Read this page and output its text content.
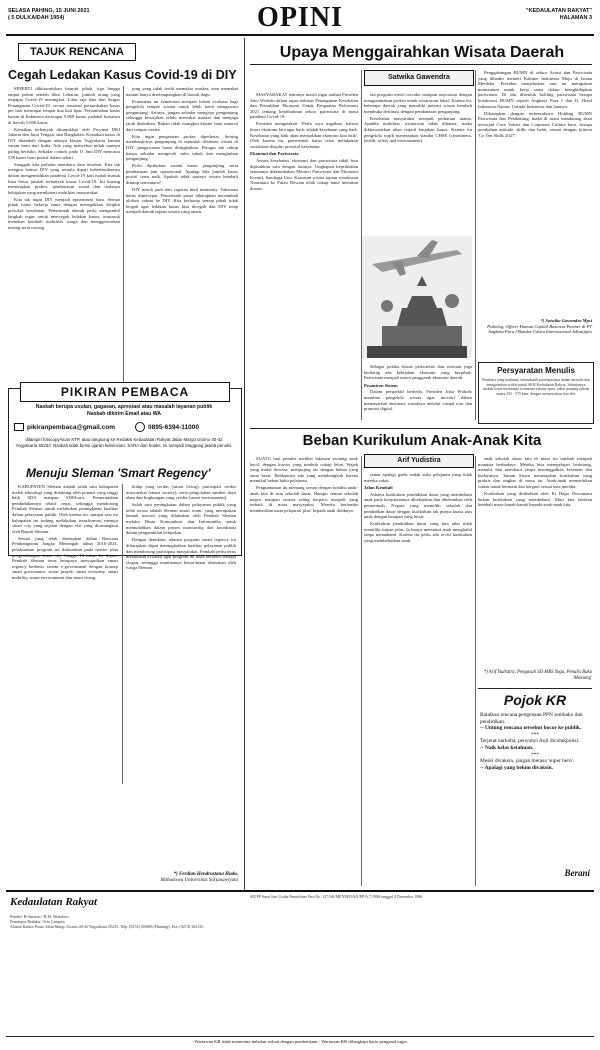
SELASA PAHING, 15 JUNI 2021
( 5 DULKAIDAH 1954)	OPINI	"KEDAULATAN RAKYAT"
HALAMAN 3
TAJUK RENCANA
Cegah Ledakan Kasus Covid-19 di DIY

SEPERTI dikhawatirkan banyak pihak, tiga hingga empat pekan setelah libur Lebaran, jumlah orang yang terpapar Covid-19 meningkat. Lihat saja data dari Satgas Penanganan Covid-19, secara nasional pertambahan kasus per hari mencapai tempat dua kali lipat. Pertambahan kasus harian di Indonesia mencapai 9.868 kasus, padahal biasanya di bawah 5.000 kasus.

Kenaikan terbanyak ditunjukkan oleh Provinsi DKI Jakarta dan Jawa Tengah, dan Bangkalan. Kenaikan kasus di DIY ditambah dengan adanya klaster Yogyakarta karena varian baru dari India. Ada yang menyebut inilah saatnya paling berisiko. Sekadar contoh, pada 11 Juni DIY mencatat 538 kasus baru positif dalam sehari.

Sungguh kita prihatin membaca data tersebut. Kita tak mengira bahwa DIY yang semula dipuji keberhasilannya dalam mengendalikan pandemi Covid-19 kini malah masuk lima besar jumlah terbanyak kasus Covid-19. Ini kurang menerapkan prokes, pembatasan sosial dan tiadanya kebijakan yang membatasi mobilitas masyarakat.

Kita tak ingin DIY menjadi episentrum baru. Semua pihak harus bekerja sama dengan menegakkan disiplin protokol kesehatan. Pemerintah daerah perlu mengambil langkah tegas untuk mencegah ledakan kasus, termasuk menekan kembali mobilitas warga dan menggencarkan testing serta tracing.

jung yang tidak tertib memakai masker, atau memakai namun hanya diselempangkan di bawah dagu.

Fenomena ini sementara menjadi bahan evaluasi bagi pengelola tempat wisata untuk lebih ketat mengawasi pengunjung. Artinya, jangan sekadar mengejar pengunjung sehingga kewajiban selalu memakai masker dan menjaga jarak diabaikan. Bukan tidak mungkin klaster baru muncul dari tempat wisata.

Kita ingin pengetatan prokes diperketat. Seiring membanjirnya pengunjung di sejumlah destinasi wisata di DIY, pengawasan harus ditingkatkan. Petugas tak cukup hanya sekadar mengecek suhu tubuh dan mengimbau pengunjung.

Perlu dipikirkan sistem kuota pengunjung serta pembatasan jam operasional. Apalagi bila jumlah kasus positif terus naik. Apakah tidak saatnya wisata kembali ditutup sementara?

DIY masih jauh dari capaian herd immunity. Vaksinasi harus dipercepat. Pemerintah pusat diharapkan menambah alokasi vaksin ke DIY. Kita berharap semua pihak tidak lengah agar ledakan kasus bisa dicegah dan DIY tetap menjadi daerah tujuan wisata yang aman.

PIKIRAN PEMBACA
Naskah berupa usulan, gagasan, apresiasi atau masalah layanan publik
Naskah dikirim Email atau WA
pikiranpembaca@gmail.com	0895-6394-11000
dilampiri fotocopy/scan KTP, atau langsung ke Redaksi Kedaulatan Rakyat Jalan Margo Utomo 40-42 Yogyakarta 55233. Naskah tidak berisi ujaran kebencian, SARA dan hoaks. Isi menjadi tanggung jawab penulis.
Menuju Sleman 'Smart Regency'

KABUPATEN Sleman adalah salah satu kabupaten melek teknologi yang didukung oleh potensi yang tinggi baik SDA maupun SDM-nya. Pemerintahan pendudukannya relatif cepat, sehingga mendorong Pemkab Sleman untuk melakukan peningkatan kualitas dalam pelayanan publik. Oleh karena itu, sampai saat ini kabupaten ini sedang melakukan transformasi menuju smart city yang sejalan dengan visi yang dicanangkan oleh Bupati Sleman.

Sesuai yang telah ditetapkan dalam Rencana Pembangunan Jangka Menengah tahun 2016-2021, pelaksanaan program ini didasarkan pada master plan pengembangan smart city hingga 10 tahun ke depan. Pemkab Sleman terus berupaya mewujudkan smart regency berbasis sistem e-government dengan konsep smart governance, smart people, smart economy, smart mobility, smart environment dan smart living.

hidup yang cerdas (smart living), partisipasi cerdas masyarakat (smart society), serta pengolahan sumber daya alam dan lingkungan yang cerdas (smart environment).

Salah satu peningkatan dalam pelayanan publik yang telah terasa adalah Sleman smart room, yang merupakan bentuk inovasi yang dilakukan oleh Pemkab Sleman melalui Dinas Komunikasi dan Informatika untuk memudahkan dalam proses monitoring dan koordinasi dalam pengambilan kebijakan.

Dengan demikian, adanya program smart regency ini diharapkan dapat meningkatkan kualitas pelayanan publik dan mendorong partisipasi masyarakat. Pemkab perlu terus melakukan evaluasi agar program ini tidak berhenti sebagai slogan, sehingga manfaatnya benar-benar dirasakan oleh warga Sleman.

*) Ferdian Hendrastana Huda,
Mahasiswa Universitas Sarjanawiyata
Upaya Menggairahkan Wisata Daerah

MASYARAKAT tentunya masih ingat arahan Presiden Joko Widodo dalam rapat terbatas Penanganan Kesehatan dan Pemulihan Ekonomi Untuk Penguatan Reformasi 2021 tentang keprihatinan sektor pariwisata di masa pandemi Covid-19.

Presiden mengatakan: 'Perlu saya ingatkan, bahwa kunci ekonomi kita agar baik, adalah kesehatan yang baik. Kesehatan yang baik akan menjadikan ekonomi kita baik'. Oleh karena itu, pemerintah harus terus melakukan sosialisasi disiplin protokol kesehatan.

Ekonomi dan Pariwisata

Antara kesehatan, ekonomi dan pariwisata tidak bisa dipisahkan satu dengan lainnya. Ungkapan kepribadian semuanya dikemukakan Menteri Pariwisata dan Ekonomi Kreatif, Sandiaga Uno. Kawasan wisata tujuan wisatawan Nusantara ke Pulau Dewata telah cukup lama menurun drastis.

Satwika Gawendra

lan program travel corridor maupun staycation dengan mengutamakan prokes untuk wisatawan lokal. Karena itu, beberapa daerah yang memiliki potensi wisata kembali membuka destinasi dengan pembatasan pengunjung.

Kesehatan masyarakat menjadi perhatian utama. Apabila mobilitas wisatawan tidak dibatasi, maka dikhawatirkan akan terjadi lonjakan kasus. Karena itu pengelola wajib menerapkan standar CHSE (cleanliness, health, safety and environment).

Sebagai pelaku bisnis perhotelan dan restoran juga berharap ada kebijakan ekonomi yang berpihak. Pariwisata menjadi motor penggerak ekonomi daerah.

Pesantren Sistem

Dalam perspektif berbeda, Presiden Joko Widodo meminta pengelola wisata agar inovatif dalam memasarkan destinasi, misalnya melalui virtual tour dan promosi digital.

Penggabungan BUMN di sektor Aviasi dan Pariwisata yang dihadiri menteri Kabinet Indonesia Maju di Istana Merdeka. Presiden menjelaskan saat ini merupakan momentum untuk kerja sama dalam menghidupkan pariwisata. Di situ dibentuk holding pariwisata berupa kolaborasi BUMN seperti Angkasa Pura I dan II, Hotel Indonesia Natour, Garuda Indonesia dan lainnya.

Diharapkan dengan terbentuknya Holding BUMN Pariwisata dan Pendukung, maka di masa mendatang akan terwujud Cave Values dan Corporate Culture baru, berupa perubahan attitude, skills dan habit, sesuai dengan kriteria 'Go Ten Skills 2027'.

*) Satwika Gawendra Mpsi
Psikolog, Officer Human Capital Business Partner di PT Angkasa Pura I Bandar Udara Internasional Adisutjipto
Persyaratan Menulis
Pembaca yang budiman, terimakasih partisipasinya dalam menulis dan mengirimkan artikel untuk SKH Kedaulatan Rakyat. Selanjutnya naskah harus memenuhi ketentuan tulisan opini, yakni panjang tulisan antara 535 - 575 kata, dengan menyertakan foto diri.
Beban Kurikulum Anak-Anak Kita

SUATU hari penulis melihat lakonan seorang anak kecil, dengan kursus yang tumbuh cukup lebat. Wajah yang mulai dewasa, menjinjing tas dengan beban yang amat berat. Bahkannya ada yang membungkuk karena memikul beban buku pelajaran.

Pengumuman itu memang sesuai dengan kondisi anak-anak kita di usia sekolah dasar. Hampir semua sekolah negeri maupun swasta saling berpacu menjadi yang terbaik di mata masyarakat. Mereka berlomba memberikan mata pelajaran 'plus' kepada anak didiknya.

Arif Yudistira

ramai apalagi gadis sudah suka pelajaran yang tidak mereka sukai.

Jalan Kembali

Adanya kurikulum pendidikan dasar yang membebani anak pada kenyataannya dibebankan dan dibebankan oleh pemerintah. Negara yang memiliki sekolah dan pendidikan dasar dengan kurikulum tak punya kuasa atas anak dengan harapan yang besar.

Kurikulum pendidikan dasar yang kita tahu tidak memiliki tujuan jelas. Ia hanya menuntut anak menghafal tanpa memahami. Karena itu perlu ada revisi kurikulum yang membebaskan anak.

anak sekolah dasar kita di masa itu tumbuh menjadi manusia berbudaya. Mereka bisa mempelajari berhitung, menulis dan membaca tanpa meninggalkan kesenian dan budayanya. Taman Siswa menerapkan kurikulum yang praktis dan ringkas di masa itu. Anak-anak memerlukan waktu untuk bermain dan bergaul sesuai usia mereka.

Kurikulum yang diidealkan oleh Ki Hajar Dewantara bukan kurikulum yang membebani. Mari kita berikan kembali masa kanak-kanak kepada anak-anak kita.

*) Arif Yudistira, Pengasuh SD MBS Yoga, Penulis Buku 'Momong'
Pojok KR
Batalkan rencana pengenaan PPN sembako dan pendidikan.
-- Untung rencana tersebut bocor ke publik.
***
Terjerat narkoba, penyanyi Anji dicidukpolisi.
-- Naik kelas ketahuan.
***
Meski divaksin, jangan merasa 'super hero'.
-- Apalagi yang belum divaksin.
Berani
Kedaulatan Rakyat	SIUPP Surat Izin Usaha Penerbitan Pers No. 127/SK/MENPEN/SIUPP/A.7/1986 tanggal 4 Desember 1986.
Pendiri: H.Samawi / H.M. Wonohito
Pemimpin Redaksi: Octo Lampito
Alamat Kantor Pusat: Jalan Margo Utomo 40-42 Yogyakarta 55233. Telp. (0274) 565685 (Hunting). Fax: (0274) 563125.
- Wartawan KR tidak menerima imbalan terkait dengan pemberitaan - Wartawan KR dilengkapi kartu pengenal tugas.
